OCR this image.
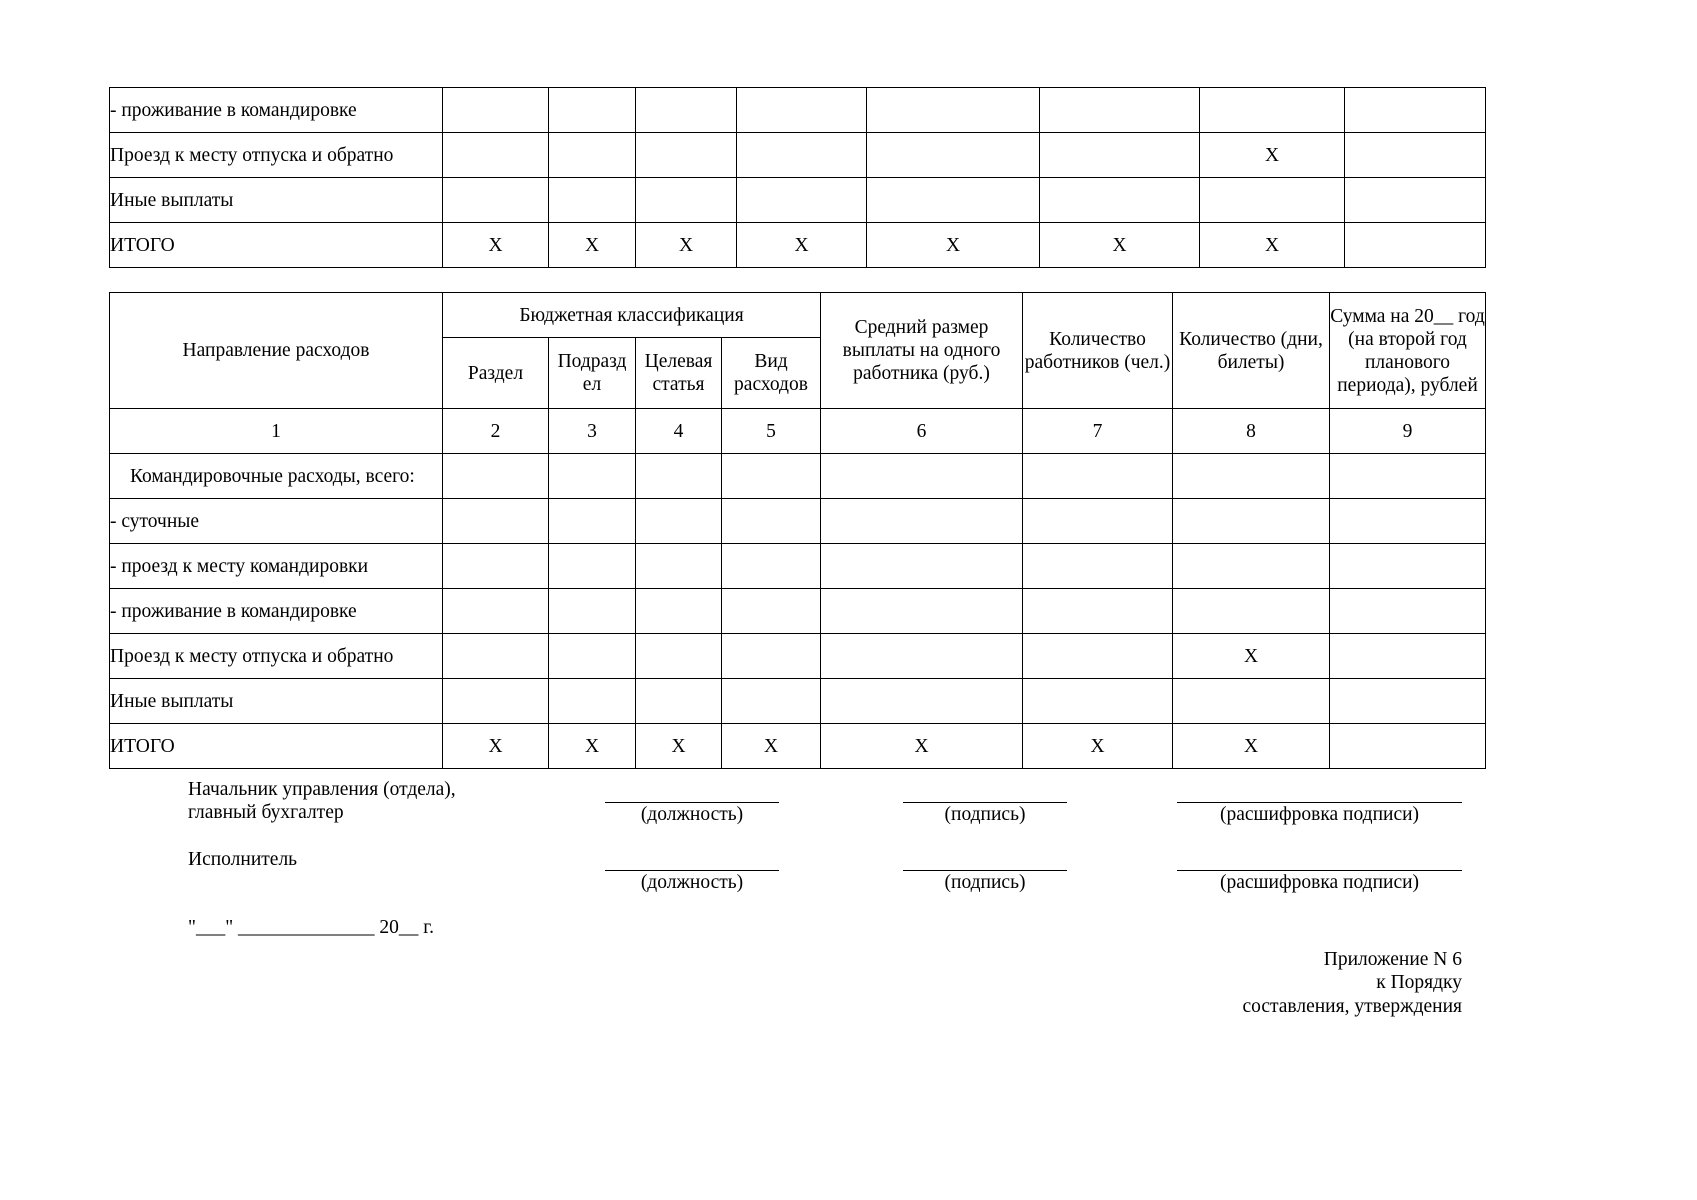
- проживание в командировке								
Проезд к месту отпуска и обратно							X	
Иные выплаты								
ИТОГО	X	X	X	X	X	X	X	
Направление расходов	Бюджетная классификация				Средний размер выплаты на одного работника (руб.)	Количество работников (чел.)	Количество (дни, билеты)	Сумма на 20__ год (на второй год планового периода), рублей
	Раздел	Подразд ел	Целевая статья	Вид расходов				
1	2	3	4	5	6	7	8	9
Командировочные расходы, всего:								
- суточные								
- проезд к месту командировки								
- проживание в командировке								
Проезд к месту отпуска и обратно							X	
Иные выплаты								
ИТОГО	X	X	X	X	X	X	X	
Начальник управления (отдела),
главный бухгалтер	(должность)	(подпись)	(расшифровка подписи)
Исполнитель
(должность)	(подпись)	(расшифровка подписи)
"___" ______________ 20__ г.
Приложение N 6
к Порядку
составления, утверждения
